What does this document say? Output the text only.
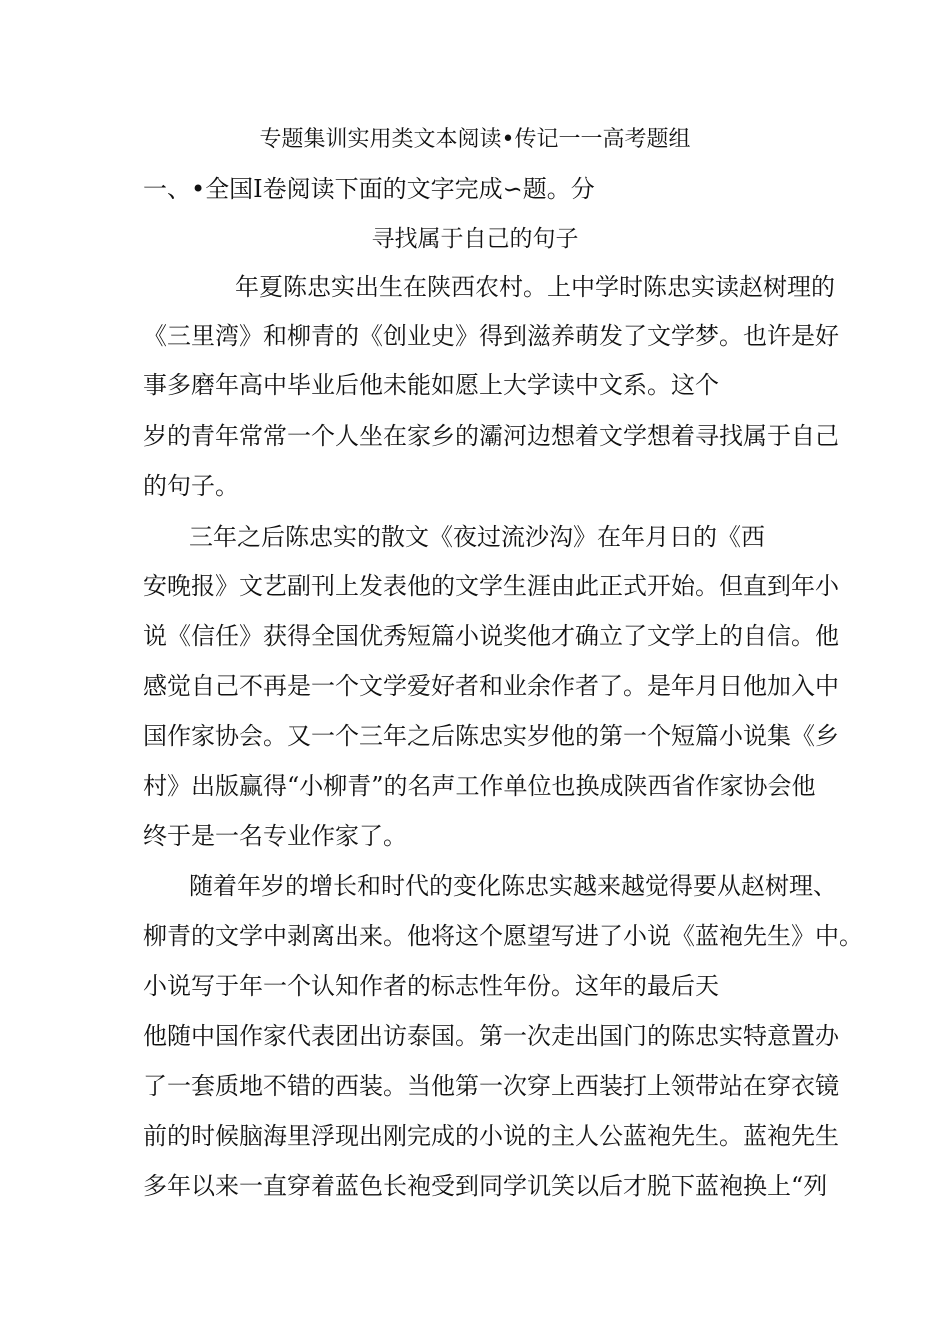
专题集训实用类文本阅读•传记一一高考题组
一、•全国I卷阅读下面的文字完成∽题。分
寻找属于自己的句子
年夏陈忠实出生在陕西农村。上中学时陈忠实读赵树理的
《三里湾》和柳青的《创业史》得到滋养萌发了文学梦。也许是好
事多磨年高中毕业后他未能如愿上大学读中文系。这个
岁的青年常常一个人坐在家乡的灞河边想着文学想着寻找属于自己
的句子。
三年之后陈忠实的散文《夜过流沙沟》在年月日的《西
安晚报》文艺副刊上发表他的文学生涯由此正式开始。但直到年小
说《信任》获得全国优秀短篇小说奖他才确立了文学上的自信。他
感觉自己不再是一个文学爱好者和业余作者了。是年月日他加入中
国作家协会。又一个三年之后陈忠实岁他的第一个短篇小说集《乡
村》出版赢得“小柳青”的名声工作单位也换成陕西省作家协会他
终于是一名专业作家了。
随着年岁的增长和时代的变化陈忠实越来越觉得要从赵树理、
柳青的文学中剥离出来。他将这个愿望写进了小说《蓝袍先生》中。
小说写于年一个认知作者的标志性年份。这年的最后天
他随中国作家代表团出访泰国。第一次走出国门的陈忠实特意置办
了一套质地不错的西装。当他第一次穿上西装打上领带站在穿衣镜
前的时候脑海里浮现出刚完成的小说的主人公蓝袍先生。蓝袍先生
多年以来一直穿着蓝色长袍受到同学讥笑以后才脱下蓝袍换上“列
